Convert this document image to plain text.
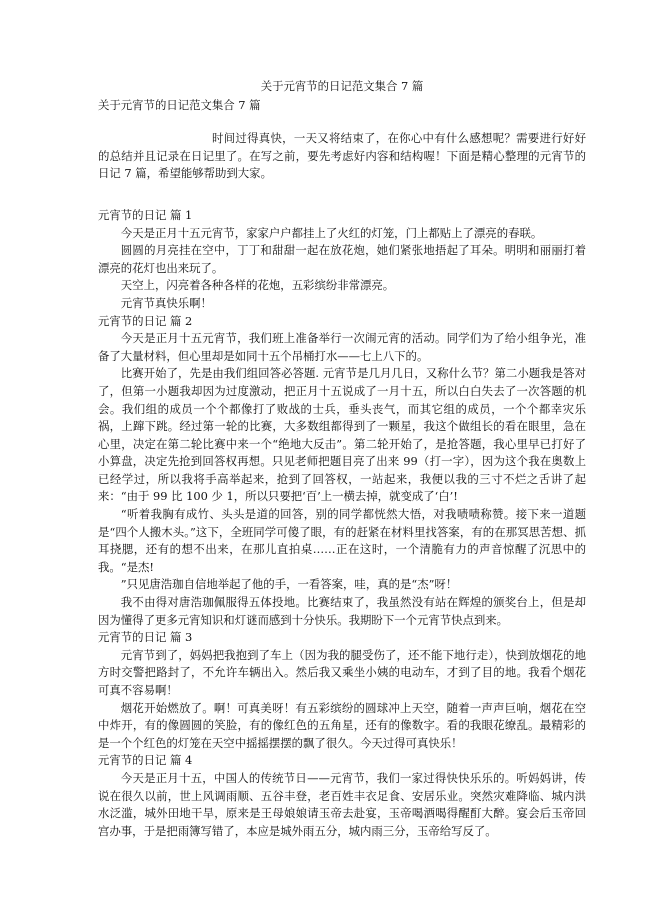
关于元宵节的日记范文集合 7 篇

关于元宵节的日记范文集合 7 篇

时间过得真快，一天又将结束了，在你心中有什么感想呢？需要进行好好的总结并且记录在日记里了。在写之前，要先考虑好内容和结构喔！下面是精心整理的元宵节的日记 7 篇，希望能够帮助到大家。

元宵节的日记 篇 1

今天是正月十五元宵节，家家户户都挂上了火红的灯笼，门上都贴上了漂亮的春联。

圆圆的月亮挂在空中，丁丁和甜甜一起在放花炮，她们紧张地捂起了耳朵。明明和丽丽打着漂亮的花灯也出来玩了。

天空上，闪亮着各种各样的花炮，五彩缤纷非常漂亮。

元宵节真快乐啊！

元宵节的日记 篇 2

今天是正月十五元宵节，我们班上准备举行一次闹元宵的活动。同学们为了给小组争光，准备了大量材料，但心里却是如同十五个吊桶打水——七上八下的。

比赛开始了，先是由我们组回答必答题. 元宵节是几月几日，又称什么节？第二小题我是答对了，但第一小题我却因为过度激动，把正月十五说成了一月十五，所以白白失去了一次答题的机会。我们组的成员一个个都像打了败战的士兵，垂头丧气，而其它组的成员，一个个都幸灾乐祸，上蹿下跳。经过第一轮的比赛，大多数组都得到了一颗星，我这个做组长的看在眼里，急在心里，决定在第二轮比赛中来一个“绝地大反击”。第二轮开始了，是抢答题，我心里早已打好了小算盘，决定先抢到回答权再想。只见老师把题目亮了出来 99（打一字），因为这个我在奥数上已经学过，所以我将手高举起来，抢到了回答权，一站起来，我便以我的三寸不烂之舌讲了起来：“由于 99 比 100 少 1，所以只要把‘百’上一横去掉，就变成了‘白’!

“听着我胸有成竹、头头是道的回答，别的同学都恍然大悟，对我啧啧称赞。接下来一道题是“四个人搬木头。”这下，全班同学可傻了眼，有的赶紧在材料里找答案，有的在那冥思苦想、抓耳挠腮，还有的想不出来，在那儿直拍桌……正在这时，一个清脆有力的声音惊醒了沉思中的我。“是杰!

”只见唐浩珈自信地举起了他的手，一看答案，哇，真的是“杰”呀！

我不由得对唐浩珈佩服得五体投地。比赛结束了，我虽然没有站在辉煌的颁奖台上，但是却因为懂得了更多元宵知识和灯谜而感到十分快乐。我期盼下一个元宵节快点到来。

元宵节的日记 篇 3

元宵节到了，妈妈把我抱到了车上（因为我的腿受伤了，还不能下地行走），快到放烟花的地方时交警把路封了，不允许车辆出入。然后我又乘坐小姨的电动车，才到了目的地。我看个烟花可真不容易啊！

烟花开始燃放了。啊！可真美呀！有五彩缤纷的圆球冲上天空，随着一声声巨响，烟花在空中炸开，有的像圆圆的笑脸，有的像红色的五角星，还有的像数字。看的我眼花缭乱。最精彩的是一个个红色的灯笼在天空中摇摇摆摆的飘了很久。今天过得可真快乐！

元宵节的日记 篇 4

今天是正月十五，中国人的传统节日——元宵节，我们一家过得快快乐乐的。听妈妈讲，传说在很久以前，世上风调雨顺、五谷丰登，老百姓丰衣足食、安居乐业。突然灾难降临、城内洪水泛滥，城外田地干旱，原来是王母娘娘请玉帝去赴宴，玉帝喝酒喝得醒酊大醉。宴会后玉帝回宫办事，于是把雨簿写错了，本应是城外雨五分，城内雨三分，玉帝给写反了。
